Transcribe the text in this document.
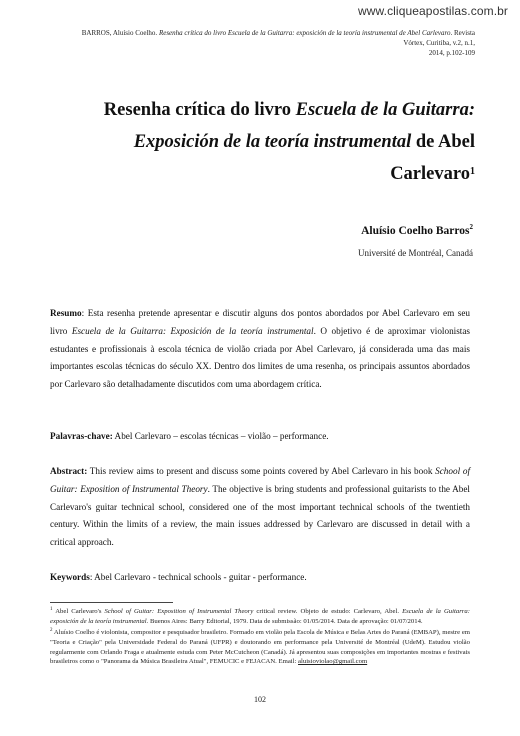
www.cliqueapostilas.com.br
BARROS, Aluísio Coelho. Resenha crítica do livro Escuela de la Guitarra: exposición de la teoría instrumental de Abel Carlevaro. Revista Vórtex, Curitiba, v.2, n.1,
2014, p.102-109
Resenha crítica do livro Escuela de la Guitarra:
Exposición de la teoría instrumental de Abel
Carlevaro$^1$
Aluísio Coelho Barros$^2$
Université de Montréal, Canadá
Resumo: Esta resenha pretende apresentar e discutir alguns dos pontos abordados por Abel Carlevaro em seu livro Escuela de la Guitarra: Exposición de la teoría instrumental. O objetivo é de aproximar violonistas estudantes e profissionais à escola técnica de violão criada por Abel Carlevaro, já considerada uma das mais importantes escolas técnicas do século XX. Dentro dos limites de uma resenha, os principais assuntos abordados por Carlevaro são detalhadamente discutidos com uma abordagem crítica.
Palavras-chave: Abel Carlevaro – escolas técnicas – violão – performance.
Abstract: This review aims to present and discuss some points covered by Abel Carlevaro in his book School of Guitar: Exposition of Instrumental Theory. The objective is bring students and professional guitarists to the Abel Carlevaro's guitar technical school, considered one of the most important technical schools of the twentieth century. Within the limits of a review, the main issues addressed by Carlevaro are discussed in detail with a critical approach.
Keywords: Abel Carlevaro - technical schools - guitar - performance.
$^1$ Abel Carlevaro's School of Guitar: Exposition of Instrumental Theory critical review. Objeto de estudo: Carlevaro, Abel. Escuela de la Guitarra: exposición de la teoría instrumental. Buenos Aires: Barry Editorial, 1979. Data de submissão: 01/05/2014. Data de aprovação: 01/07/2014.
$^2$ Aluísio Coelho é violonista, compositor e pesquisador brasileiro. Formado em violão pela Escola de Música e Belas Artes do Paraná (EMBAP), mestre em "Teoria e Criação" pela Universidade Federal do Paraná (UFPR) e doutorando em performance pela Université de Montréal (UdeM). Estudou violão regularmente com Orlando Fraga e atualmente estuda com Peter McCutcheon (Canadá). Já apresentou suas composições em importantes mostras e festivais brasileiros como o "Panorama da Música Brasileira Atual", FEMUCIC e FEJACAN. Email: aluisioviolao@gmail.com
102
